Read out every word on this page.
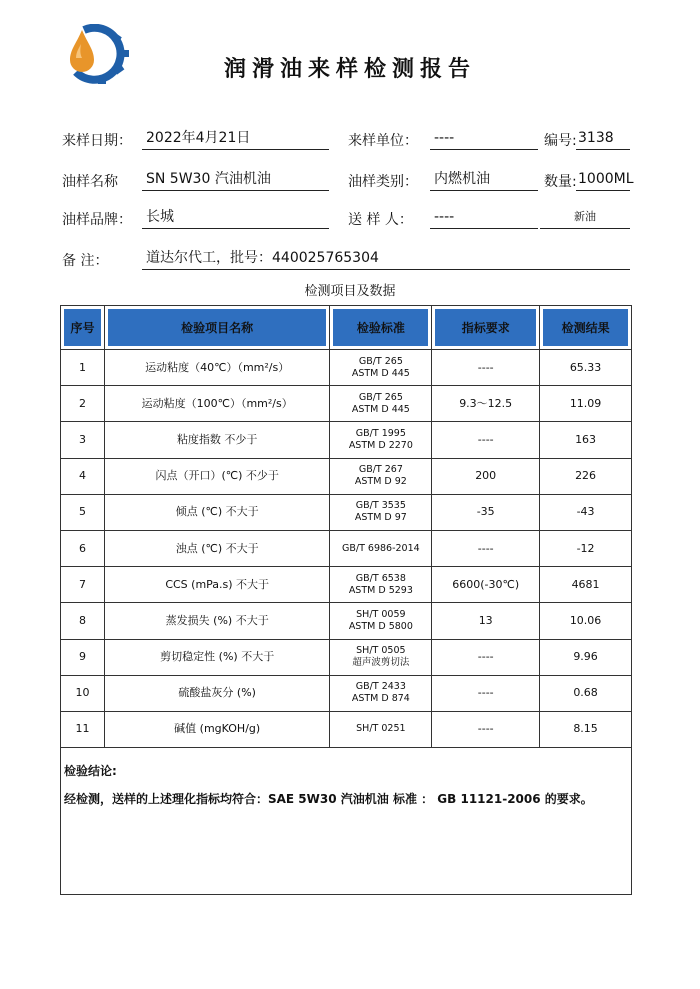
润滑油来样检测报告
来样日期： 2022年4月21日	来样单位： ----	编号: 3138
油样名称 SN 5W30 汽油机油	油样类别： 内燃机油	数量: 1000ML
油样品牌： 长城	送 样 人： ----	新油
备 注：	道达尔代工，批号：440025765304
检测项目及数据
序号	检验项目名称	检验标准	指标要求	检测结果
1	运动粘度（40℃）（mm²/s）	GB/T 265
ASTM D 445	----	65.33
2	运动粘度（100℃）（mm²/s）	GB/T 265
ASTM D 445	9.3～12.5	11.09
3	粘度指数 不少于	GB/T 1995
ASTM D 2270	----	163
4	闪点（开口）(℃) 不少于	GB/T 267
ASTM D 92	200	226
5	倾点 (℃) 不大于	GB/T 3535
ASTM D 97	-35	-43
6	浊点 (℃) 不大于	GB/T 6986-2014	----	-12
7	CCS (mPa.s) 不大于	GB/T 6538
ASTM D 5293	6600(-30℃)	4681
8	蒸发损失 (%) 不大于	SH/T 0059
ASTM D 5800	13	10.06
9	剪切稳定性 (%) 不大于	SH/T 0505
超声波剪切法	----	9.96
10	硫酸盐灰分 (%)	GB/T 2433
ASTM D 874	----	0.68
11	碱值 (mgKOH/g)	SH/T 0251	----	8.15
检验结论:
经检测，送样的上述理化指标均符合：SAE 5W30 汽油机油 标准 ： GB 11121-2006 的要求。
